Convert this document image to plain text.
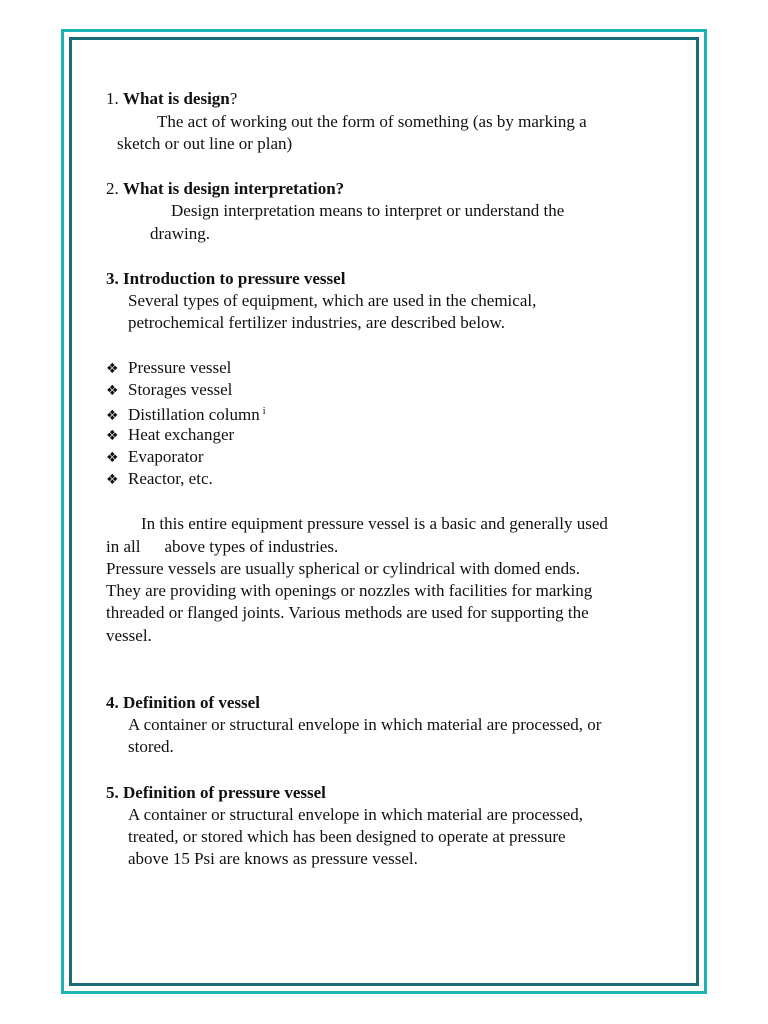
1. What is design?
The act of working out the form of something (as by marking a
sketch or out line or plan)
2. What is design interpretation?
Design interpretation means to interpret or understand the
drawing.
3. Introduction to pressure vessel
Several types of equipment, which are used in the chemical,
petrochemical fertilizer industries, are described below.
❖ Pressure vessel
❖ Storages vessel
❖ Distillation column $^i$
❖ Heat exchanger
❖ Evaporator
❖ Reactor, etc.
In this entire equipment pressure vessel is a basic and generally used
in all above types of industries.
Pressure vessels are usually spherical or cylindrical with domed ends.
They are providing with openings or nozzles with facilities for marking
threaded or flanged joints. Various methods are used for supporting the
vessel.
4. Definition of vessel
A container or structural envelope in which material are processed, or
stored.
5. Definition of pressure vessel
A container or structural envelope in which material are processed,
treated, or stored which has been designed to operate at pressure
above 15 Psi are knows as pressure vessel.
